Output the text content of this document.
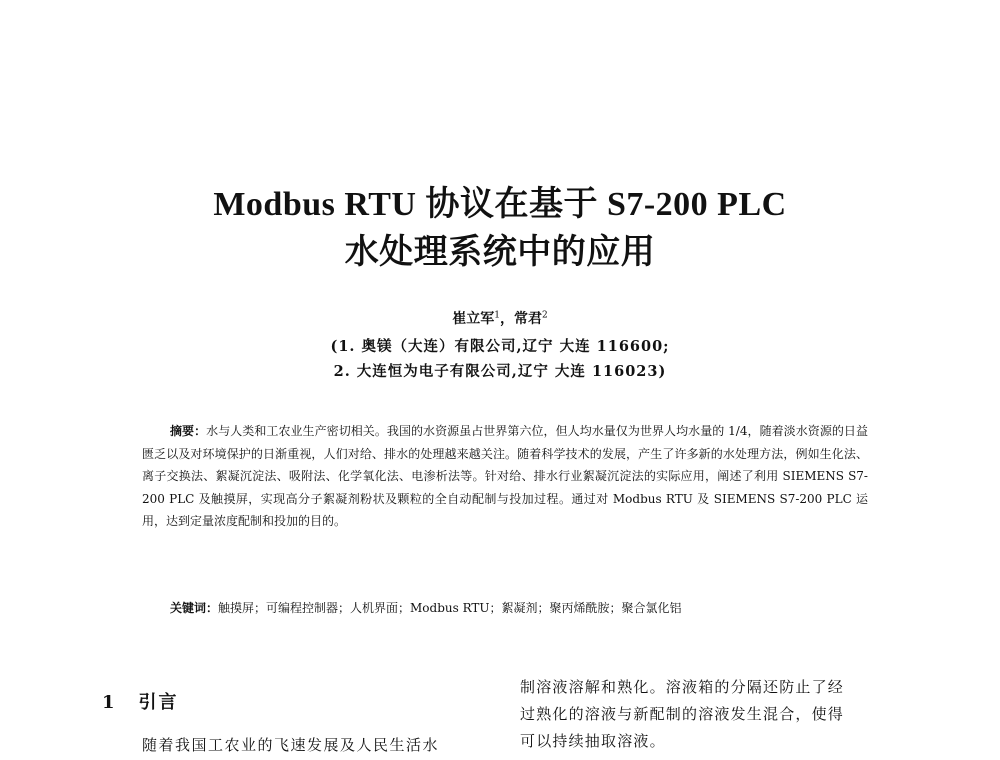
Modbus RTU 协议在基于 S7-200 PLC
水处理系统中的应用
崔立军$^1$，常君$^2$
(1. 奥镁（大连）有限公司,辽宁 大连 116600;
2. 大连恒为电子有限公司,辽宁 大连 116023)

摘要：水与人类和工农业生产密切相关。我国的水资源虽占世界第六位，但人均水量仅为世界人均水量的 1/4，随着淡水资源的日益匮乏以及对环境保护的日渐重视，人们对给、排水的处理越来越关注。随着科学技术的发展，产生了许多新的水处理方法，例如生化法、离子交换法、絮凝沉淀法、吸附法、化学氧化法、电渗析法等。针对给、排水行业絮凝沉淀法的实际应用，阐述了利用 SIEMENS S7-200 PLC 及触摸屏，实现高分子絮凝剂粉状及颗粒的全自动配制与投加过程。通过对 Modbus RTU 及 SIEMENS S7-200 PLC 运用，达到定量浓度配制和投加的目的。

关键词：触摸屏；可编程控制器；人机界面；Modbus RTU；絮凝剂；聚丙烯酰胺；聚合氯化铝

1 引言

随着我国工农业的飞速发展及人民生活水

制溶液溶解和熟化。溶液箱的分隔还防止了经
过熟化的溶液与新配制的溶液发生混合，使得
可以持续抽取溶液。
